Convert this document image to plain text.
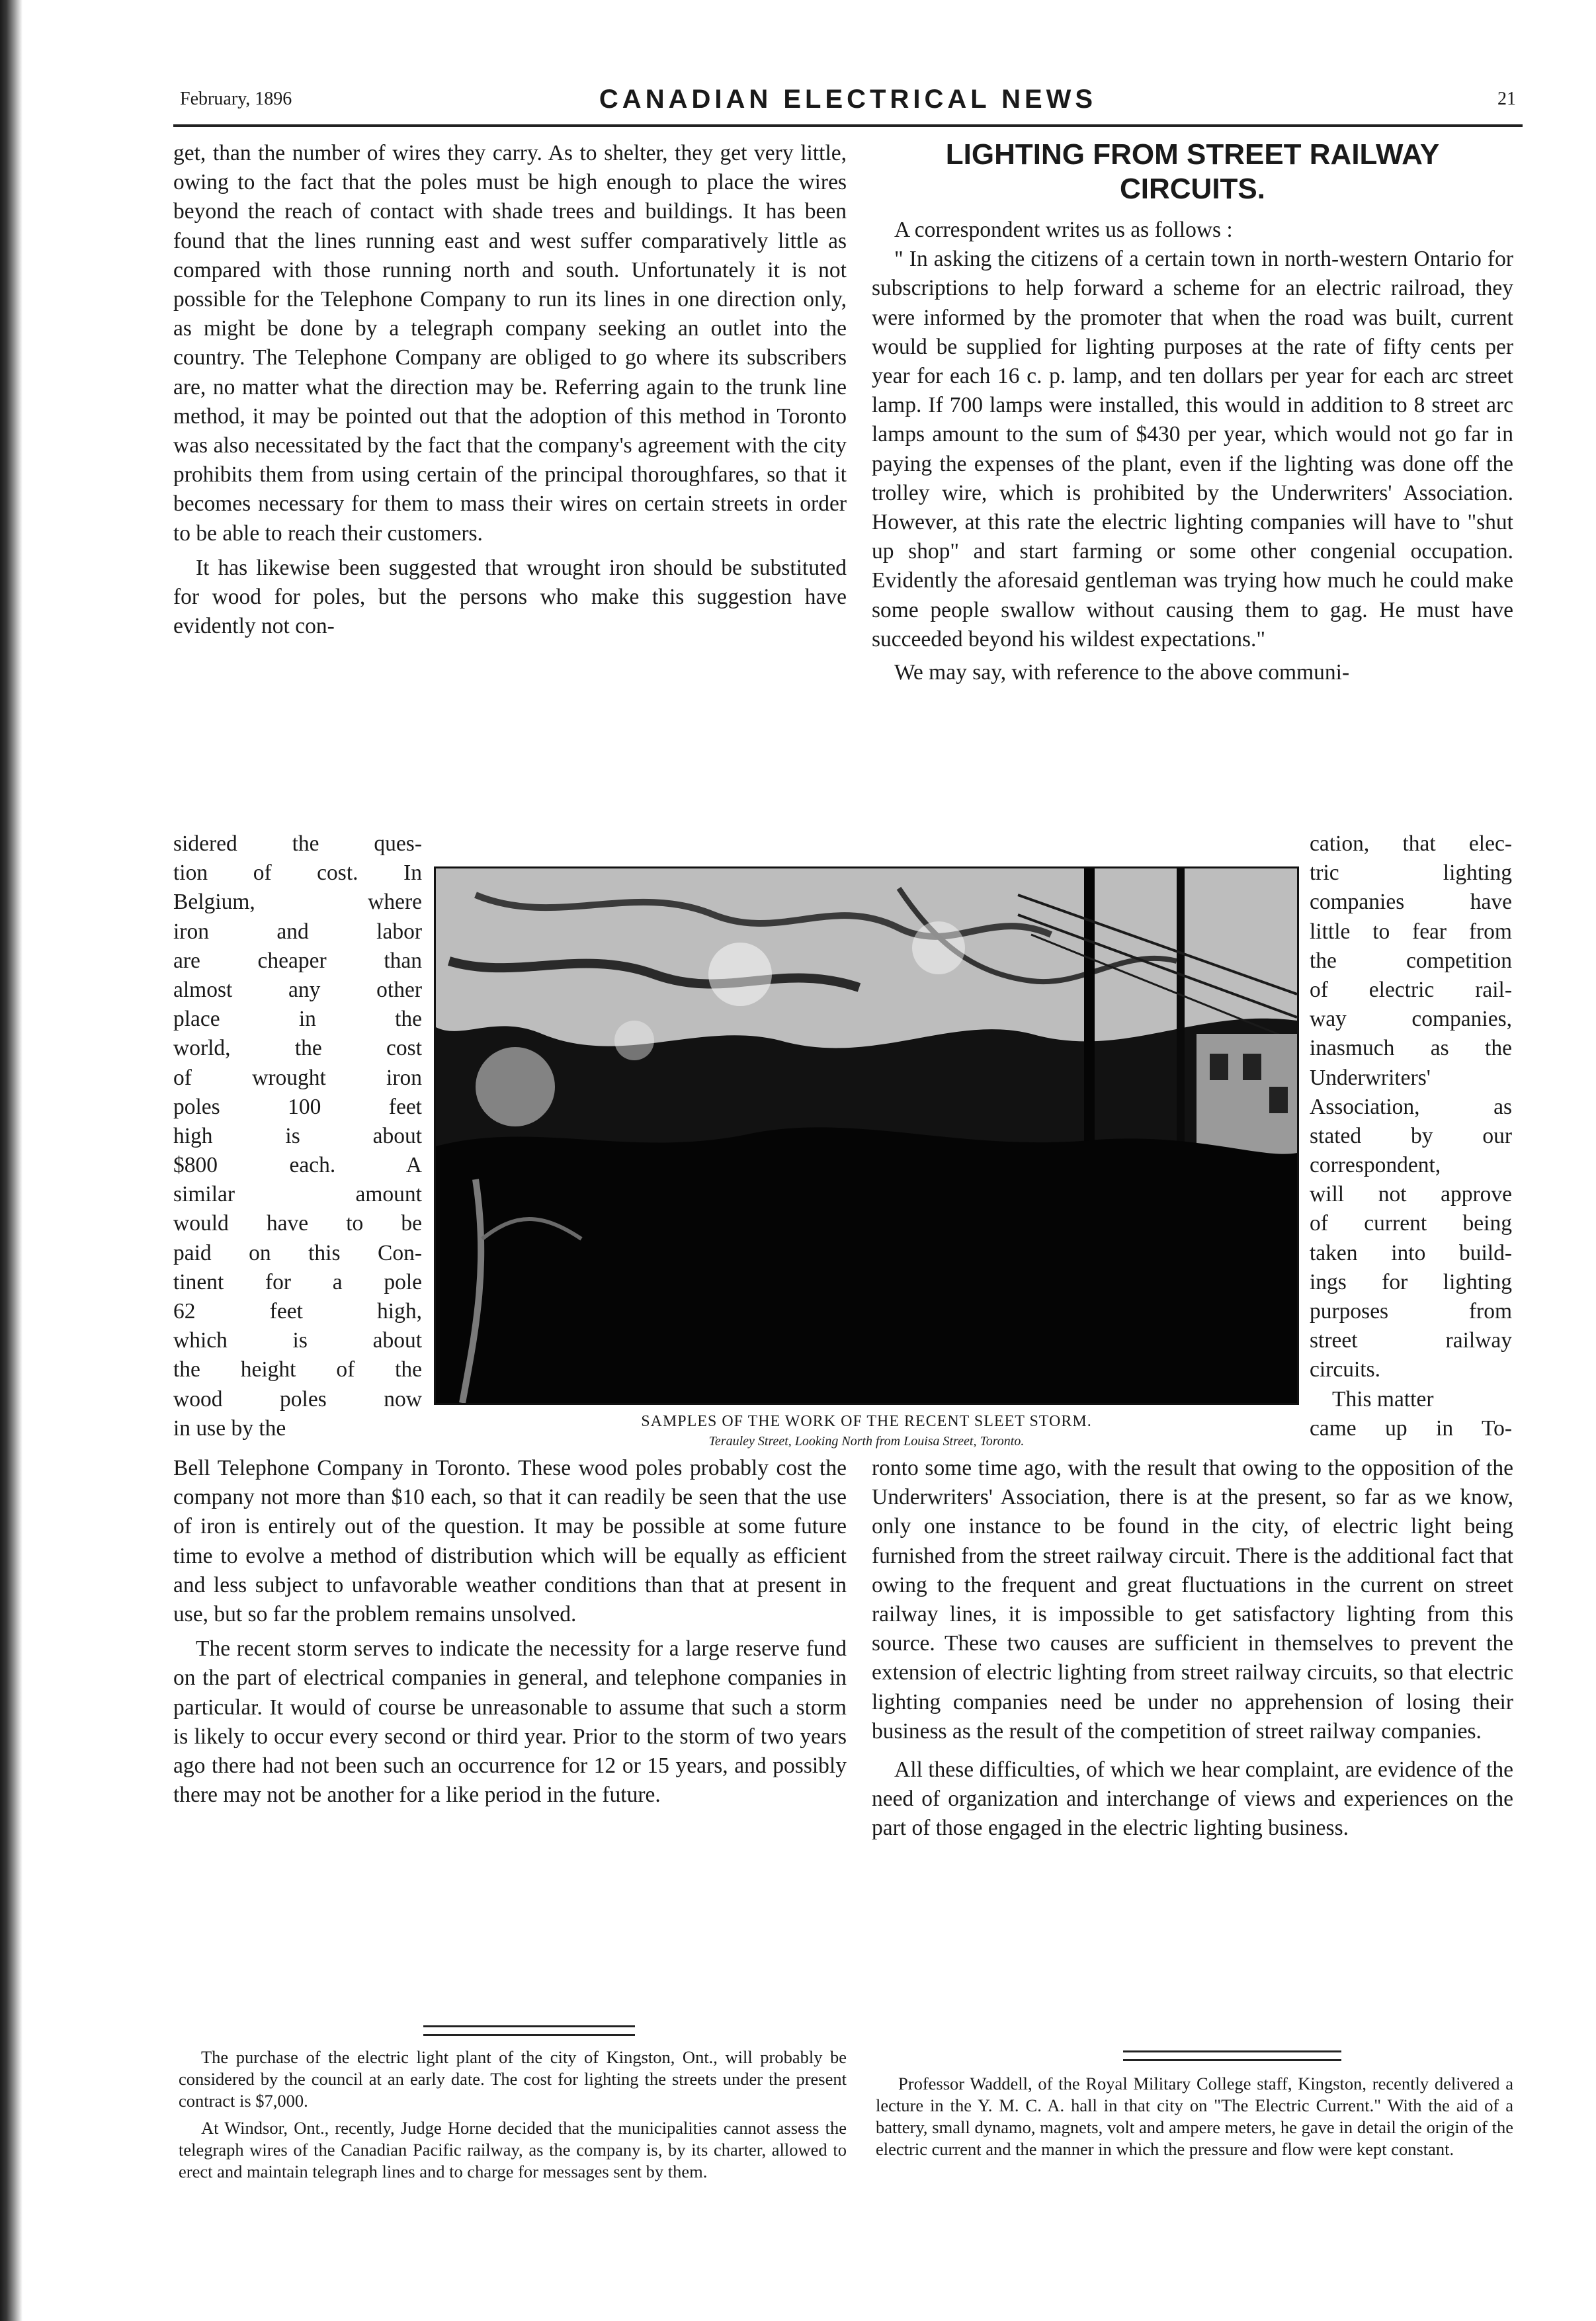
February, 1896	CANADIAN ELECTRICAL NEWS	21

get, than the number of wires they carry. As to shelter, they get very little, owing to the fact that the poles must be high enough to place the wires beyond the reach of contact with shade trees and buildings. It has been found that the lines running east and west suffer comparatively little as compared with those running north and south. Unfortunately it is not possible for the Telephone Company to run its lines in one direction only, as might be done by a telegraph company seeking an outlet into the country. The Telephone Company are obliged to go where its subscribers are, no matter what the direction may be. Referring again to the trunk line method, it may be pointed out that the adoption of this method in Toronto was also necessitated by the fact that the company's agreement with the city prohibits them from using certain of the principal thoroughfares, so that it becomes necessary for them to mass their wires on certain streets in order to be able to reach their customers.

It has likewise been suggested that wrought iron should be substituted for wood for poles, but the persons who make this suggestion have evidently not con-

sidered the ques-
tion of cost. In
Belgium, where
iron and labor
are cheaper than
almost any other
place in the
world, the cost
of wrought iron
poles 100 feet
high is about
$800 each. A
similar amount
would have to be
paid on this Con-
tinent for a pole
62 feet high,
which is about
the height of the
wood poles now
in use by the

Bell Telephone Company in Toronto. These wood poles probably cost the company not more than $10 each, so that it can readily be seen that the use of iron is entirely out of the question. It may be possible at some future time to evolve a method of distribution which will be equally as efficient and less subject to unfavorable weather conditions than that at present in use, but so far the problem remains unsolved.

The recent storm serves to indicate the necessity for a large reserve fund on the part of electrical companies in general, and telephone companies in particular. It would of course be unreasonable to assume that such a storm is likely to occur every second or third year. Prior to the storm of two years ago there had not been such an occurrence for 12 or 15 years, and possibly there may not be another for a like period in the future.

LIGHTING FROM STREET RAILWAY CIRCUITS.

A correspondent writes us as follows :

" In asking the citizens of a certain town in north-western Ontario for subscriptions to help forward a scheme for an electric railroad, they were informed by the promoter that when the road was built, current would be supplied for lighting purposes at the rate of fifty cents per year for each 16 c. p. lamp, and ten dollars per year for each arc street lamp. If 700 lamps were installed, this would in addition to 8 street arc lamps amount to the sum of $430 per year, which would not go far in paying the expenses of the plant, even if the lighting was done off the trolley wire, which is prohibited by the Underwriters' Association. However, at this rate the electric lighting companies will have to "shut up shop" and start farming or some other congenial occupation. Evidently the aforesaid gentleman was trying how much he could make some people swallow without causing them to gag. He must have succeeded beyond his wildest expectations."

We may say, with reference to the above communi-

cation, that elec-
tric lighting
companies have
little to fear from
the competition
of electric rail-
way companies,
inasmuch as the
Underwriters'
Association, as
stated by our
correspondent,
will not approve
of current being
taken into build-
ings for lighting
purposes from
street railway
circuits.
This matter
came up in To-

ronto some time ago, with the result that owing to the opposition of the Underwriters' Association, there is at the present, so far as we know, only one instance to be found in the city, of electric light being furnished from the street railway circuit. There is the additional fact that owing to the frequent and great fluctuations in the current on street railway lines, it is impossible to get satisfactory lighting from this source. These two causes are sufficient in themselves to prevent the extension of electric lighting from street railway circuits, so that electric lighting companies need be under no apprehension of losing their business as the result of the competition of street railway companies.

All these difficulties, of which we hear complaint, are evidence of the need of organization and interchange of views and experiences on the part of those engaged in the electric lighting business.

SAMPLES OF THE WORK OF THE RECENT SLEET STORM.
Terauley Street, Looking North from Louisa Street, Toronto.

The purchase of the electric light plant of the city of Kingston, Ont., will probably be considered by the council at an early date. The cost for lighting the streets under the present contract is $7,000.

At Windsor, Ont., recently, Judge Horne decided that the municipalities cannot assess the telegraph wires of the Canadian Pacific railway, as the company is, by its charter, allowed to erect and maintain telegraph lines and to charge for messages sent by them.

Professor Waddell, of the Royal Military College staff, Kingston, recently delivered a lecture in the Y. M. C. A. hall in that city on "The Electric Current." With the aid of a battery, small dynamo, magnets, volt and ampere meters, he gave in detail the origin of the electric current and the manner in which the pressure and flow were kept constant.
